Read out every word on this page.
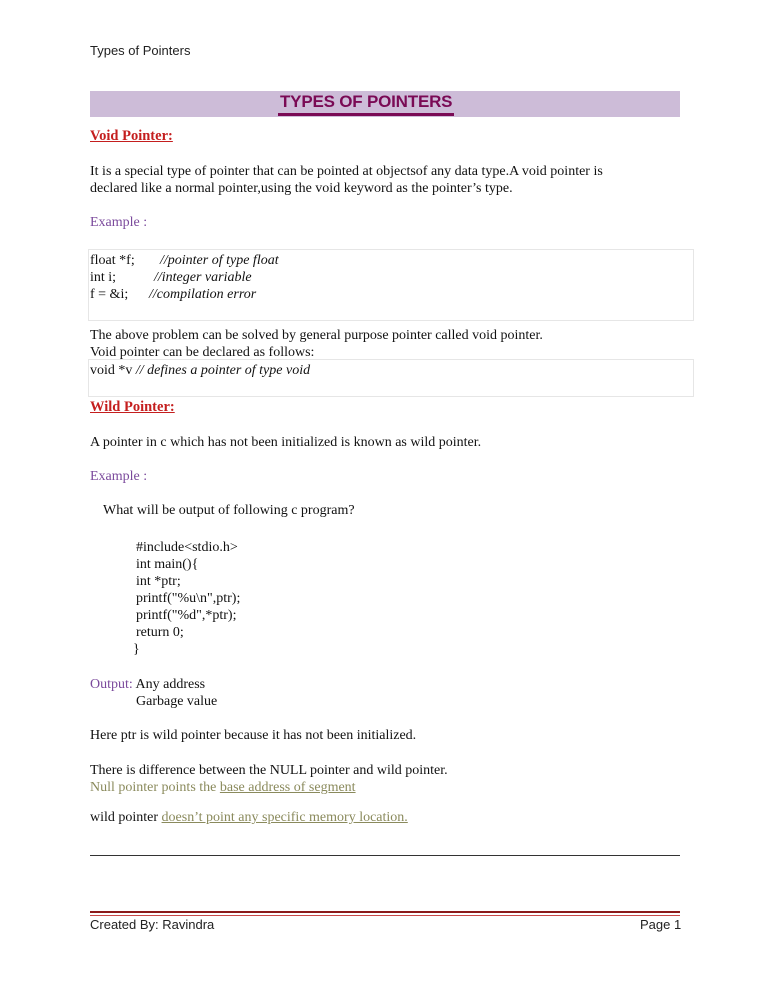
Types of Pointers
TYPES OF POINTERS
Void Pointer:
It is a special type of pointer that can be pointed at objectsof any data type.A void pointer is
declared like a normal pointer,using the void keyword as the pointer’s type.
Example :
float *f; //pointer of type float
int i;	//integer variable
f = &i; //compilation error
The above problem can be solved by general purpose pointer called void pointer.
Void pointer can be declared as follows:
void *v // defines a pointer of type void
Wild Pointer:
A pointer in c which has not been initialized is known as wild pointer.
Example :
What will be output of following c program?
#include<stdio.h>
int main(){
int *ptr;
printf("%u\n",ptr);
printf("%d",*ptr);
return 0;
}
Output: Any address
Garbage value
Here ptr is wild pointer because it has not been initialized.
There is difference between the NULL pointer and wild pointer.
Null pointer points the base address of segment
wild pointer doesn’t point any specific memory location.
Created By: Ravindra	Page 1
